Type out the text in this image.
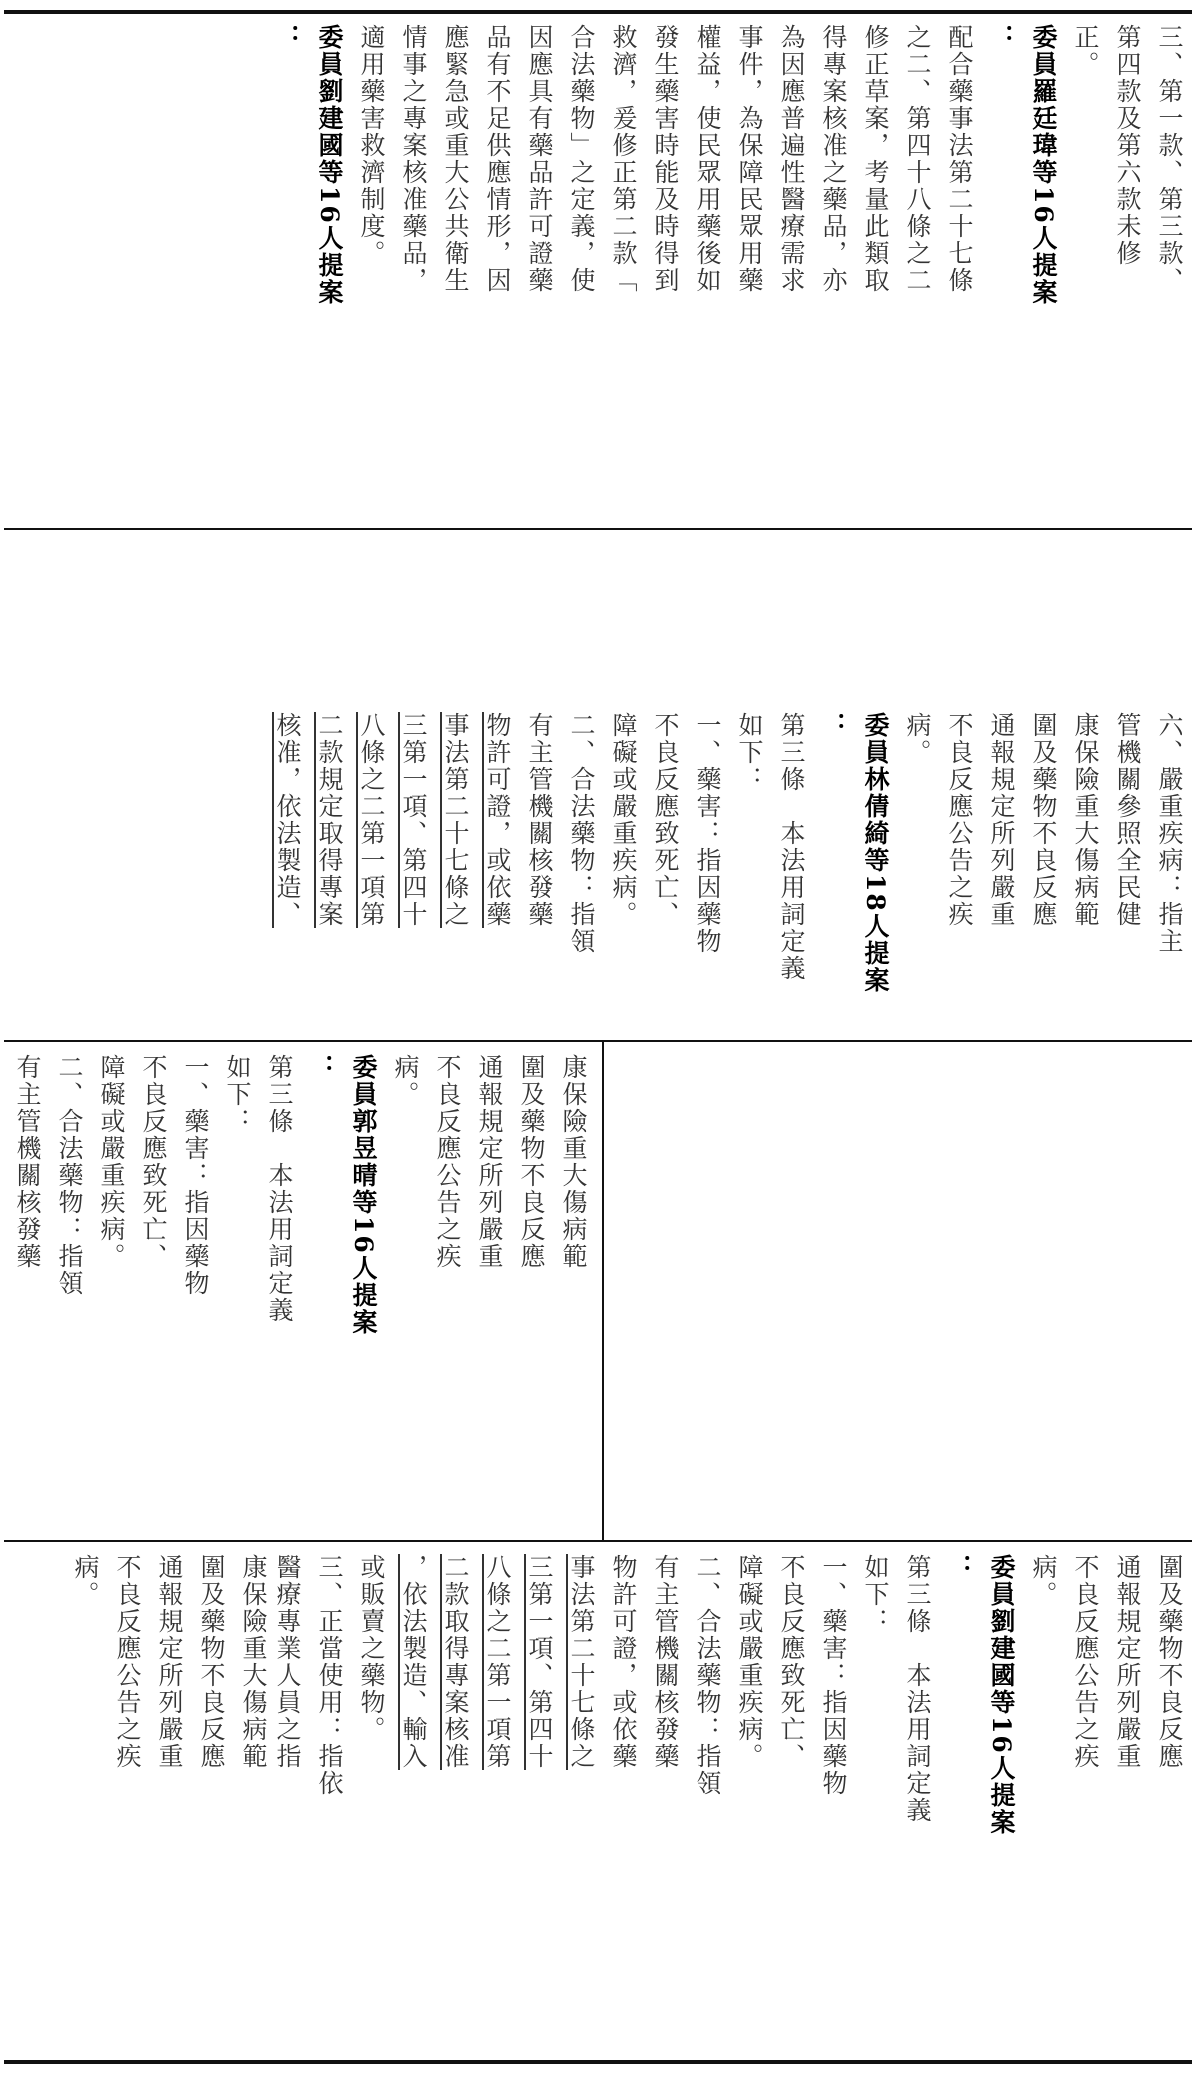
三、第一款、第三款、

第四款及第六款未修

正。

委員羅廷瑋等16人提案

：

配合藥事法第二十七條

之二、第四十八條之二

修正草案，考量此類取

得專案核准之藥品，亦

為因應普遍性醫療需求

事件，為保障民眾用藥

權益，使民眾用藥後如

發生藥害時能及時得到

救濟，爰修正第二款「

合法藥物」之定義，使

因應具有藥品許可證藥

品有不足供應情形，因

應緊急或重大公共衛生

情事之專案核准藥品，

適用藥害救濟制度。

委員劉建國等16人提案

：

六、嚴重疾病：指主

管機關參照全民健

康保險重大傷病範

圍及藥物不良反應

通報規定所列嚴重

不良反應公告之疾

病。

委員林倩綺等18人提案

：

第三條　本法用詞定義

如下：

一、藥害：指因藥物

不良反應致死亡、

障礙或嚴重疾病。

二、合法藥物：指領

有主管機關核發藥

物許可證，或依藥

事法第二十七條之

三第一項、第四十

八條之二第一項第

二款規定取得專案

核准，依法製造、

康保險重大傷病範

圍及藥物不良反應

通報規定所列嚴重

不良反應公告之疾

病。

委員郭昱晴等16人提案

：

第三條　本法用詞定義

如下：

一、藥害：指因藥物

不良反應致死亡、

障礙或嚴重疾病。

二、合法藥物：指領

有主管機關核發藥

圍及藥物不良反應

通報規定所列嚴重

不良反應公告之疾

病。

委員劉建國等16人提案

：

第三條　本法用詞定義

如下：

一、藥害：指因藥物

不良反應致死亡、

障礙或嚴重疾病。

二、合法藥物：指領

有主管機關核發藥

物許可證，或依藥

事法第二十七條之

三第一項、第四十

八條之二第一項第

二款取得專案核准

，依法製造、輸入

或販賣之藥物。

三、正當使用：指依

醫療專業人員之指

康保險重大傷病範

圍及藥物不良反應

通報規定所列嚴重

不良反應公告之疾

病。
